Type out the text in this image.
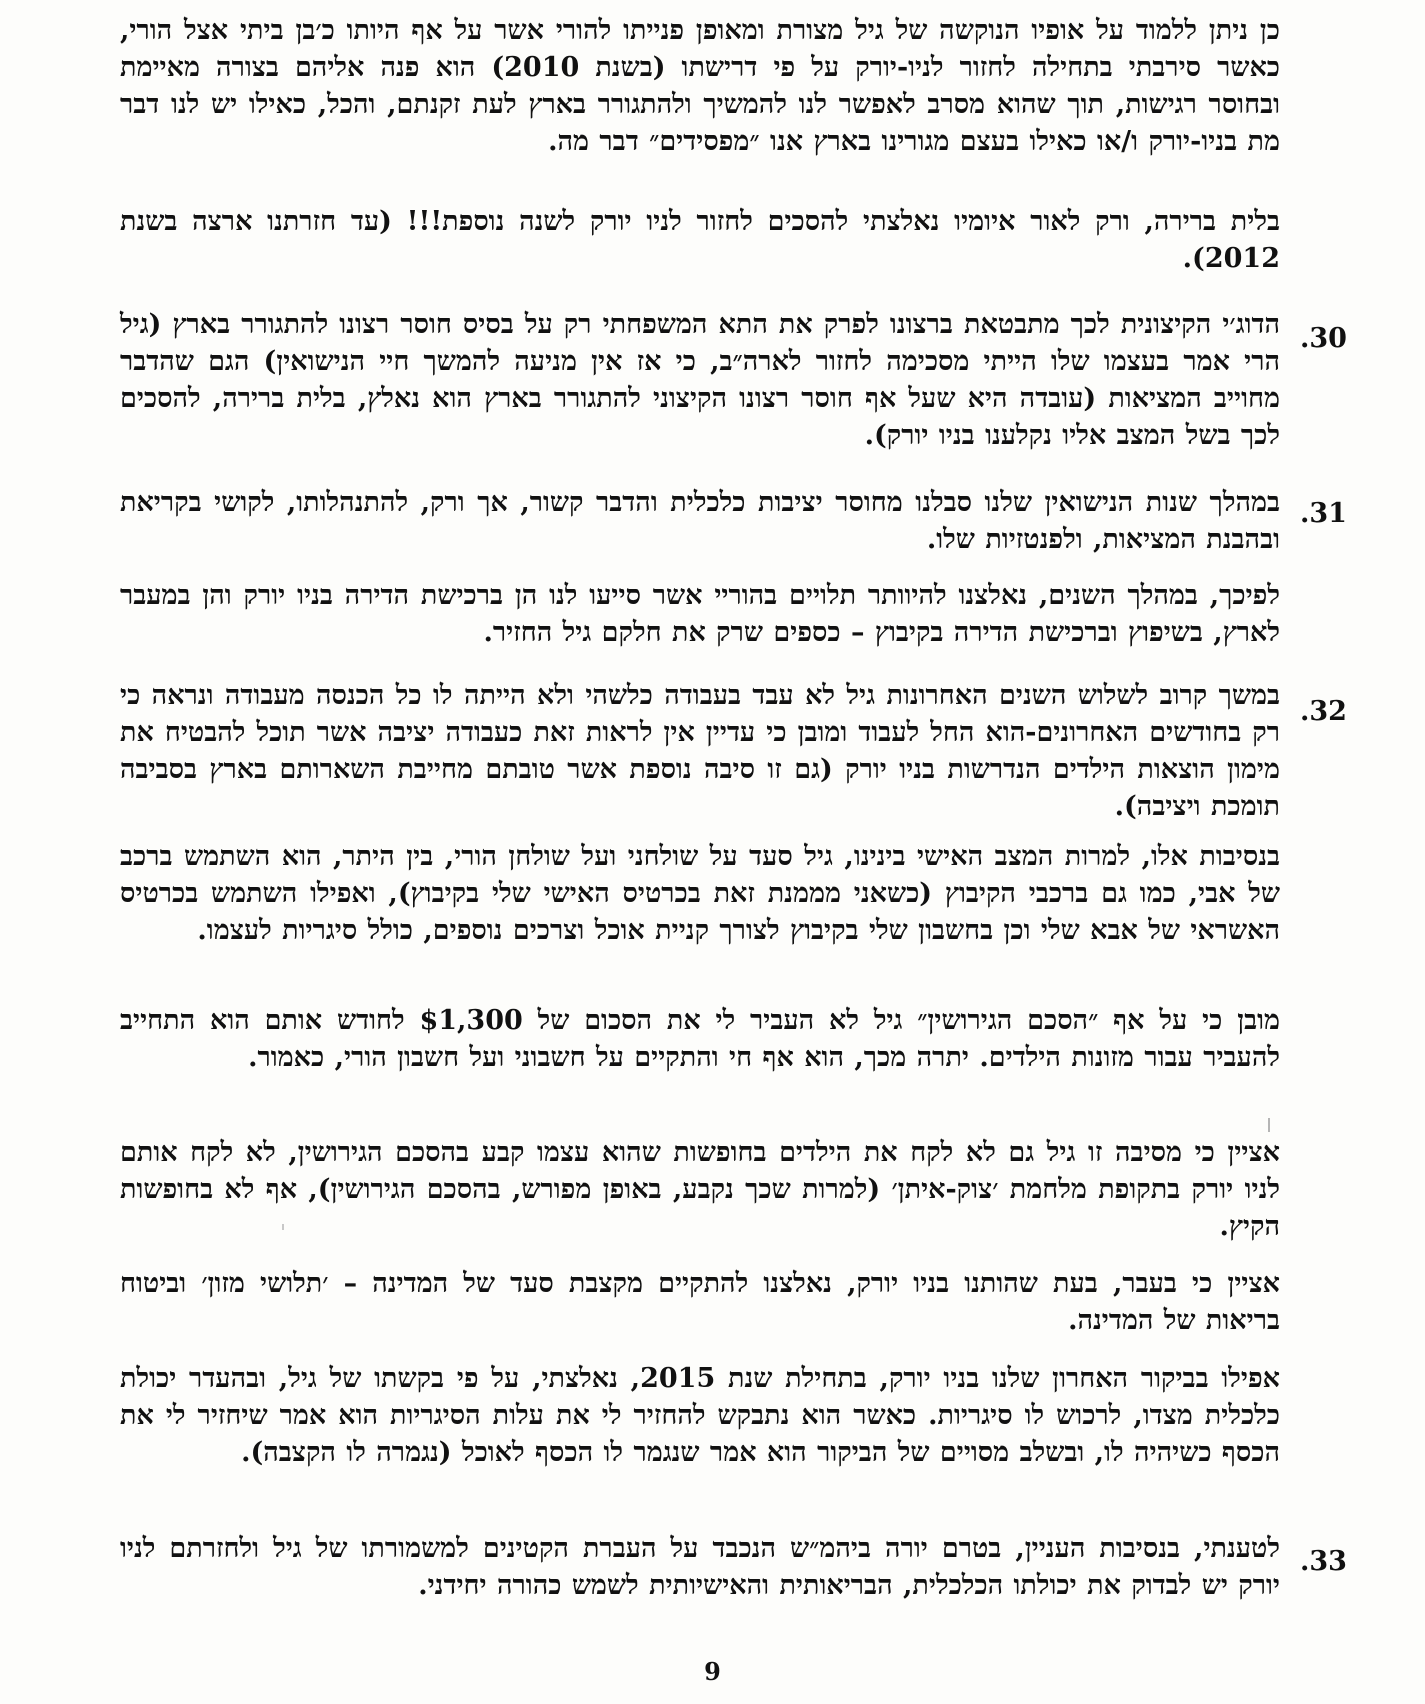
כן ניתן ללמוד על אופיו הנוקשה של גיל מצורת ומאופן פנייתו להורי אשר על אף היותו כ׳בן ביתי אצל הורי, כאשר סירבתי בתחילה לחזור לניו-יורק על פי דרישתו (בשנת 2010) הוא פנה אליהם בצורה מאיימת ובחוסר רגישות, תוך שהוא מסרב לאפשר לנו להמשיך ולהתגורר בארץ לעת זקנתם, והכל, כאילו יש לנו דבר מת בניו-יורק ו/או כאילו בעצם מגורינו בארץ אנו ״מפסידים״ דבר מה.

בלית ברירה, ורק לאור איומיו נאלצתי להסכים לחזור לניו יורק לשנה נוספת!!! (עד חזרתנו ארצה בשנת 2012).

.30

הדוג׳י הקיצונית לכך מתבטאת ברצונו לפרק את התא המשפחתי רק על בסיס חוסר רצונו להתגורר בארץ (גיל הרי אמר בעצמו שלו הייתי מסכימה לחזור לארה״ב, כי אז אין מניעה להמשך חיי הנישואין) הגם שהדבר מחוייב המציאות (עובדה היא שעל אף חוסר רצונו הקיצוני להתגורר בארץ הוא נאלץ, בלית ברירה, להסכים לכך בשל המצב אליו נקלענו בניו יורק).

.31

במהלך שנות הנישואין שלנו סבלנו מחוסר יציבות כלכלית והדבר קשור, אך ורק, להתנהלותו, לקושי בקריאת ובהבנת המציאות, ולפנטזיות שלו.

לפיכך, במהלך השנים, נאלצנו להיוותר תלויים בהוריי אשר סייעו לנו הן ברכישת הדירה בניו יורק והן במעבר לארץ, בשיפוץ וברכישת הדירה בקיבוץ – כספים שרק את חלקם גיל החזיר.

.32

במשך קרוב לשלוש השנים האחרונות גיל לא עבד בעבודה כלשהי ולא הייתה לו כל הכנסה מעבודה ונראה כי רק בחודשים האחרונים-הוא החל לעבוד ומובן כי עדיין אין לראות זאת כעבודה יציבה אשר תוכל להבטיח את מימון הוצאות הילדים הנדרשות בניו יורק (גם זו סיבה נוספת אשר טובתם מחייבת השארותם בארץ בסביבה תומכת ויציבה).

בנסיבות אלו, למרות המצב האישי בינינו, גיל סעד על שולחני ועל שולחן הורי, בין היתר, הוא השתמש ברכב של אבי, כמו גם ברכבי הקיבוץ (כשאני מממנת זאת בכרטיס האישי שלי בקיבוץ), ואפילו השתמש בכרטיס האשראי של אבא שלי וכן בחשבון שלי בקיבוץ לצורך קניית אוכל וצרכים נוספים, כולל סיגריות לעצמו.

מובן כי על אף ״הסכם הגירושין״ גיל לא העביר לי את הסכום של $1,300 לחודש אותם הוא התחייב להעביר עבור מזונות הילדים. יתרה מכך, הוא אף חי והתקיים על חשבוני ועל חשבון הורי, כאמור.

אציין כי מסיבה זו גיל גם לא לקח את הילדים בחופשות שהוא עצמו קבע בהסכם הגירושין, לא לקח אותם לניו יורק בתקופת מלחמת ׳צוק-איתן׳ (למרות שכך נקבע, באופן מפורש, בהסכם הגירושין), אף לא בחופשות הקיץ.

אציין כי בעבר, בעת שהותנו בניו יורק, נאלצנו להתקיים מקצבת סעד של המדינה – ׳תלושי מזון׳ וביטוח בריאות של המדינה.

אפילו בביקור האחרון שלנו בניו יורק, בתחילת שנת 2015, נאלצתי, על פי בקשתו של גיל, ובהעדר יכולת כלכלית מצדו, לרכוש לו סיגריות. כאשר הוא נתבקש להחזיר לי את עלות הסיגריות הוא אמר שיחזיר לי את הכסף כשיהיה לו, ובשלב מסויים של הביקור הוא אמר שנגמר לו הכסף לאוכל (נגמרה לו הקצבה).

.33

לטענתי, בנסיבות העניין, בטרם יורה ביהמ״ש הנכבד על העברת הקטינים למשמורתו של גיל ולחזרתם לניו יורק יש לבדוק את יכולתו הכלכלית, הבריאותית והאישיותית לשמש כהורה יחידני.

9
